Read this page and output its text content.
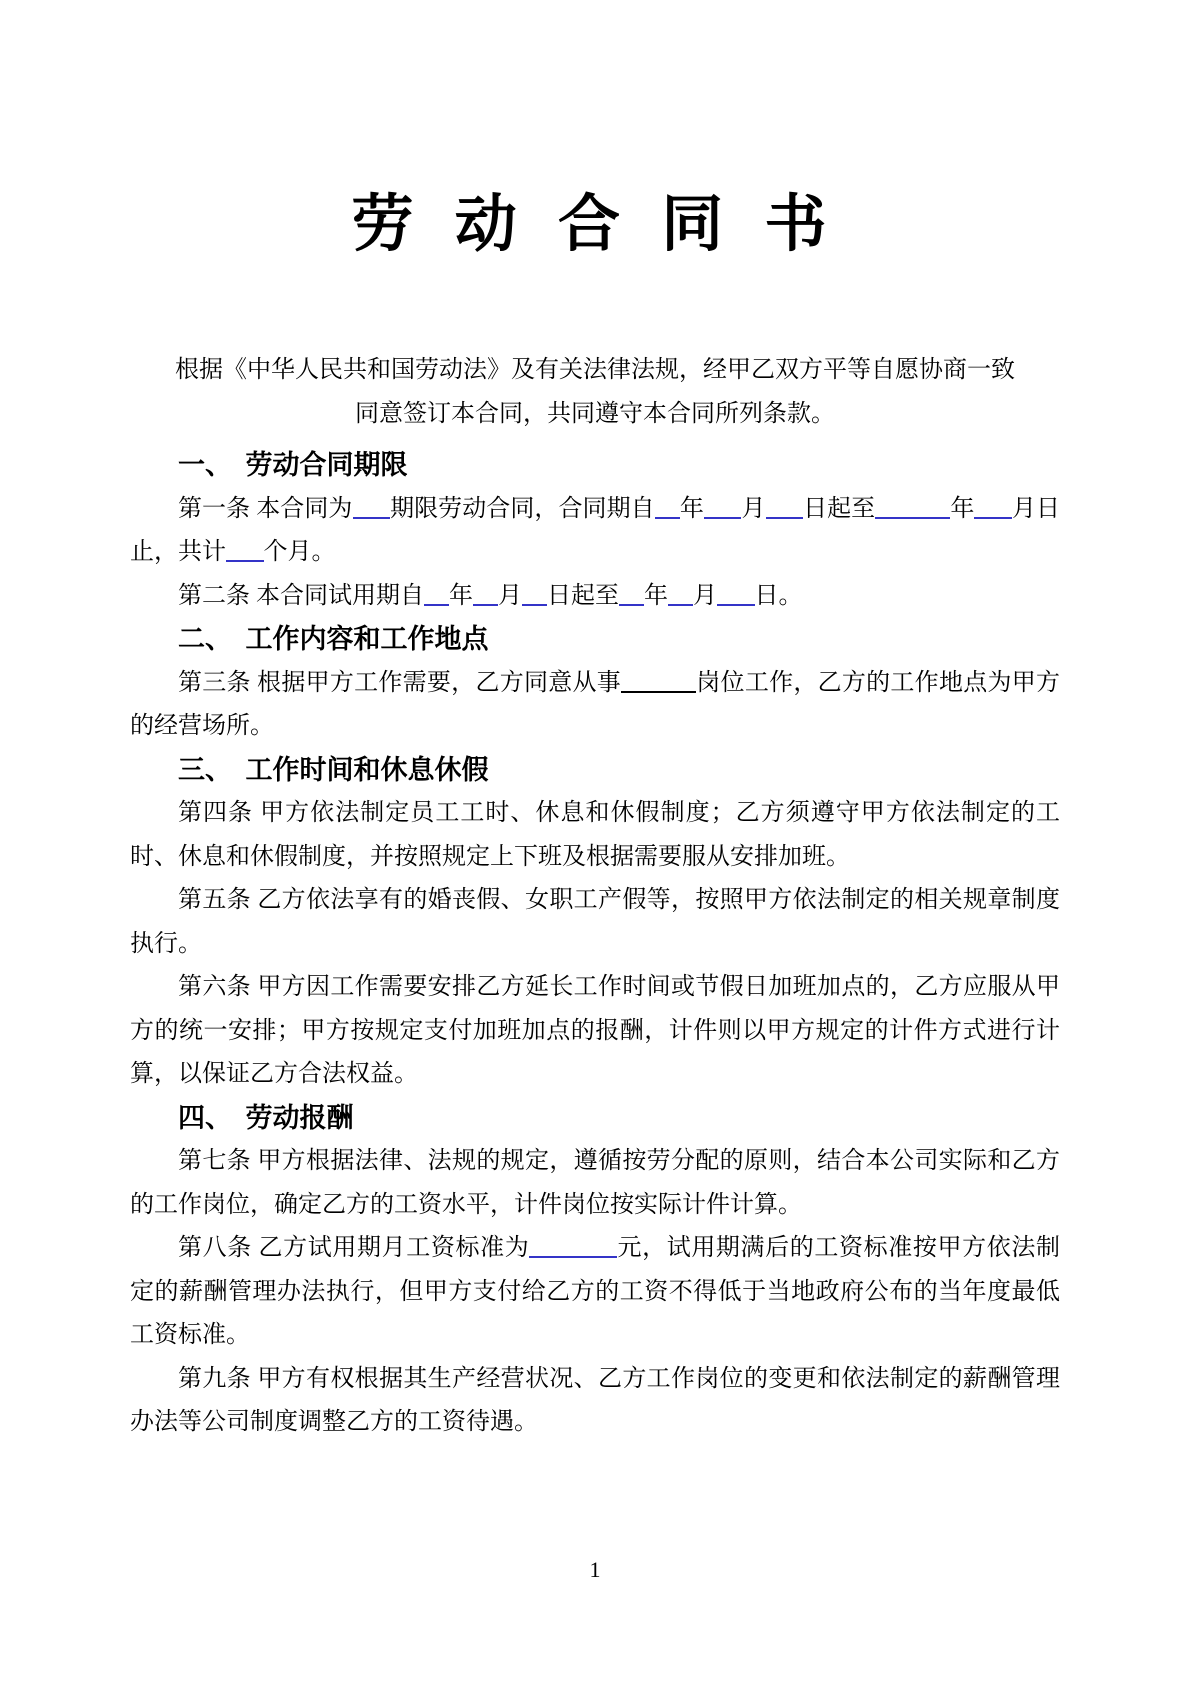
劳 动 合 同 书
根据《中华人民共和国劳动法》及有关法律法规，经甲乙双方平等自愿协商一致
同意签订本合同，共同遵守本合同所列条款。

一、　劳动合同期限

第一条 本合同为 期限劳动合同，合同期自 年 月 日起至	年 月日止，共计 个月。

第二条 本合同试用期自 年 月 日起至 年 月 日。

二、　工作内容和工作地点

第三条 根据甲方工作需要，乙方同意从事	岗位工作，乙方的工作地点为甲方的经营场所。

三、　工作时间和休息休假

第四条 甲方依法制定员工工时、休息和休假制度；乙方须遵守甲方依法制定的工时、休息和休假制度，并按照规定上下班及根据需要服从安排加班。

第五条 乙方依法享有的婚丧假、女职工产假等，按照甲方依法制定的相关规章制度执行。

第六条 甲方因工作需要安排乙方延长工作时间或节假日加班加点的，乙方应服从甲方的统一安排；甲方按规定支付加班加点的报酬，计件则以甲方规定的计件方式进行计算，以保证乙方合法权益。

四、　劳动报酬

第七条 甲方根据法律、法规的规定，遵循按劳分配的原则，结合本公司实际和乙方的工作岗位，确定乙方的工资水平，计件岗位按实际计件计算。

第八条 乙方试用期月工资标准为	元，试用期满后的工资标准按甲方依法制定的薪酬管理办法执行，但甲方支付给乙方的工资不得低于当地政府公布的当年度最低工资标准。

第九条 甲方有权根据其生产经营状况、乙方工作岗位的变更和依法制定的薪酬管理办法等公司制度调整乙方的工资待遇。

1
